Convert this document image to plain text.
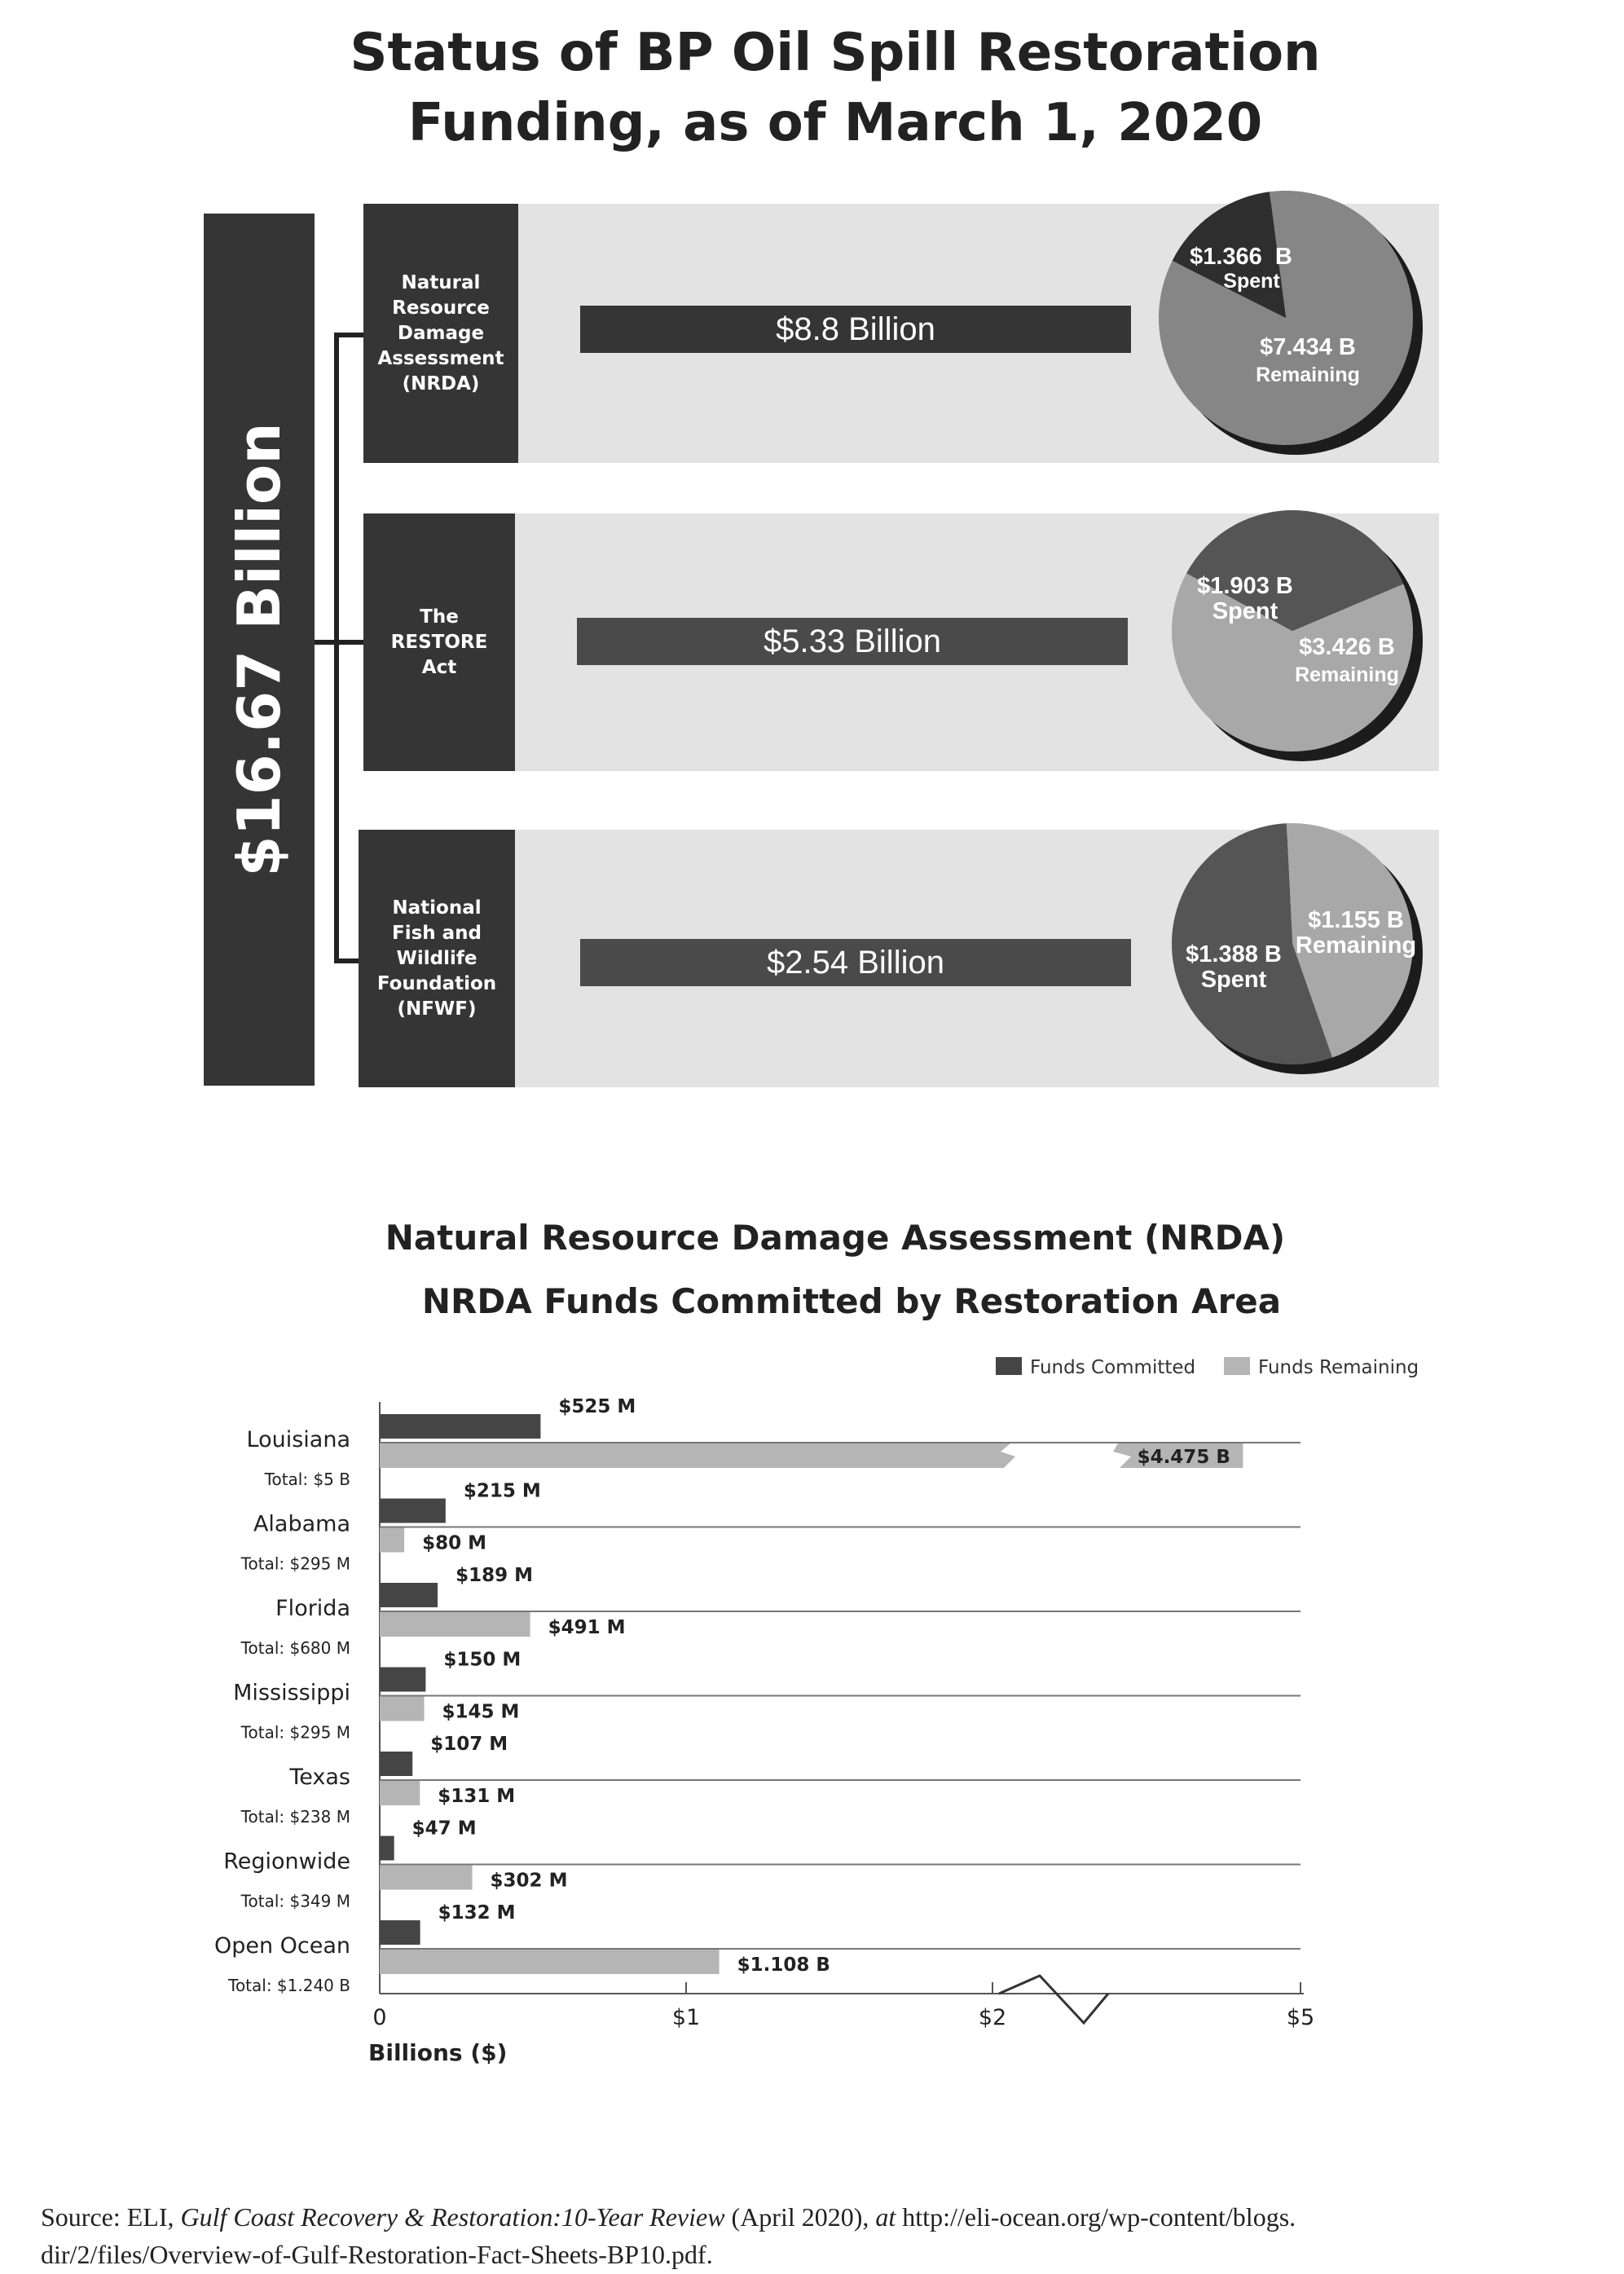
Status of BP Oil Spill Restoration
Funding, as of March 1, 2020
$16.67 Billion
Natural
Resource
Damage
Assessment
(NRDA)
$8.8 Billion
$1.366  B
Spent
$7.434 B
Remaining
The
RESTORE
Act
$5.33 Billion
$1.903 B
Spent
$3.426 B
Remaining
National
Fish and
Wildlife
Foundation
(NFWF)
$2.54 Billion	$1.388 B
Spent
$1.155 B
Remaining
Natural Resource Damage Assessment (NRDA)
NRDA Funds Committed by Restoration Area
Funds Committed	Funds Remaining
Louisiana
Total: $5 B
$525 M
$4.475 B
Alabama
Total: $295 M
$215 M
$80 M
Florida
Total: $680 M
$189 M
$491 M
Mississippi
Total: $295 M
$150 M
$145 M
Texas
Total: $238 M
$107 M
$131 M
Regionwide
Total: $349 M
$47 M
$302 M
Open Ocean
Total: $1.240 B
$132 M
$1.108 B
0	$1	$2	$5
Billions ($)
Source: ELI, Gulf Coast Recovery & Restoration:10-Year Review (April 2020), at http://eli-ocean.org/wp-content/blogs.
dir/2/files/Overview-of-Gulf-Restoration-Fact-Sheets-BP10.pdf.
